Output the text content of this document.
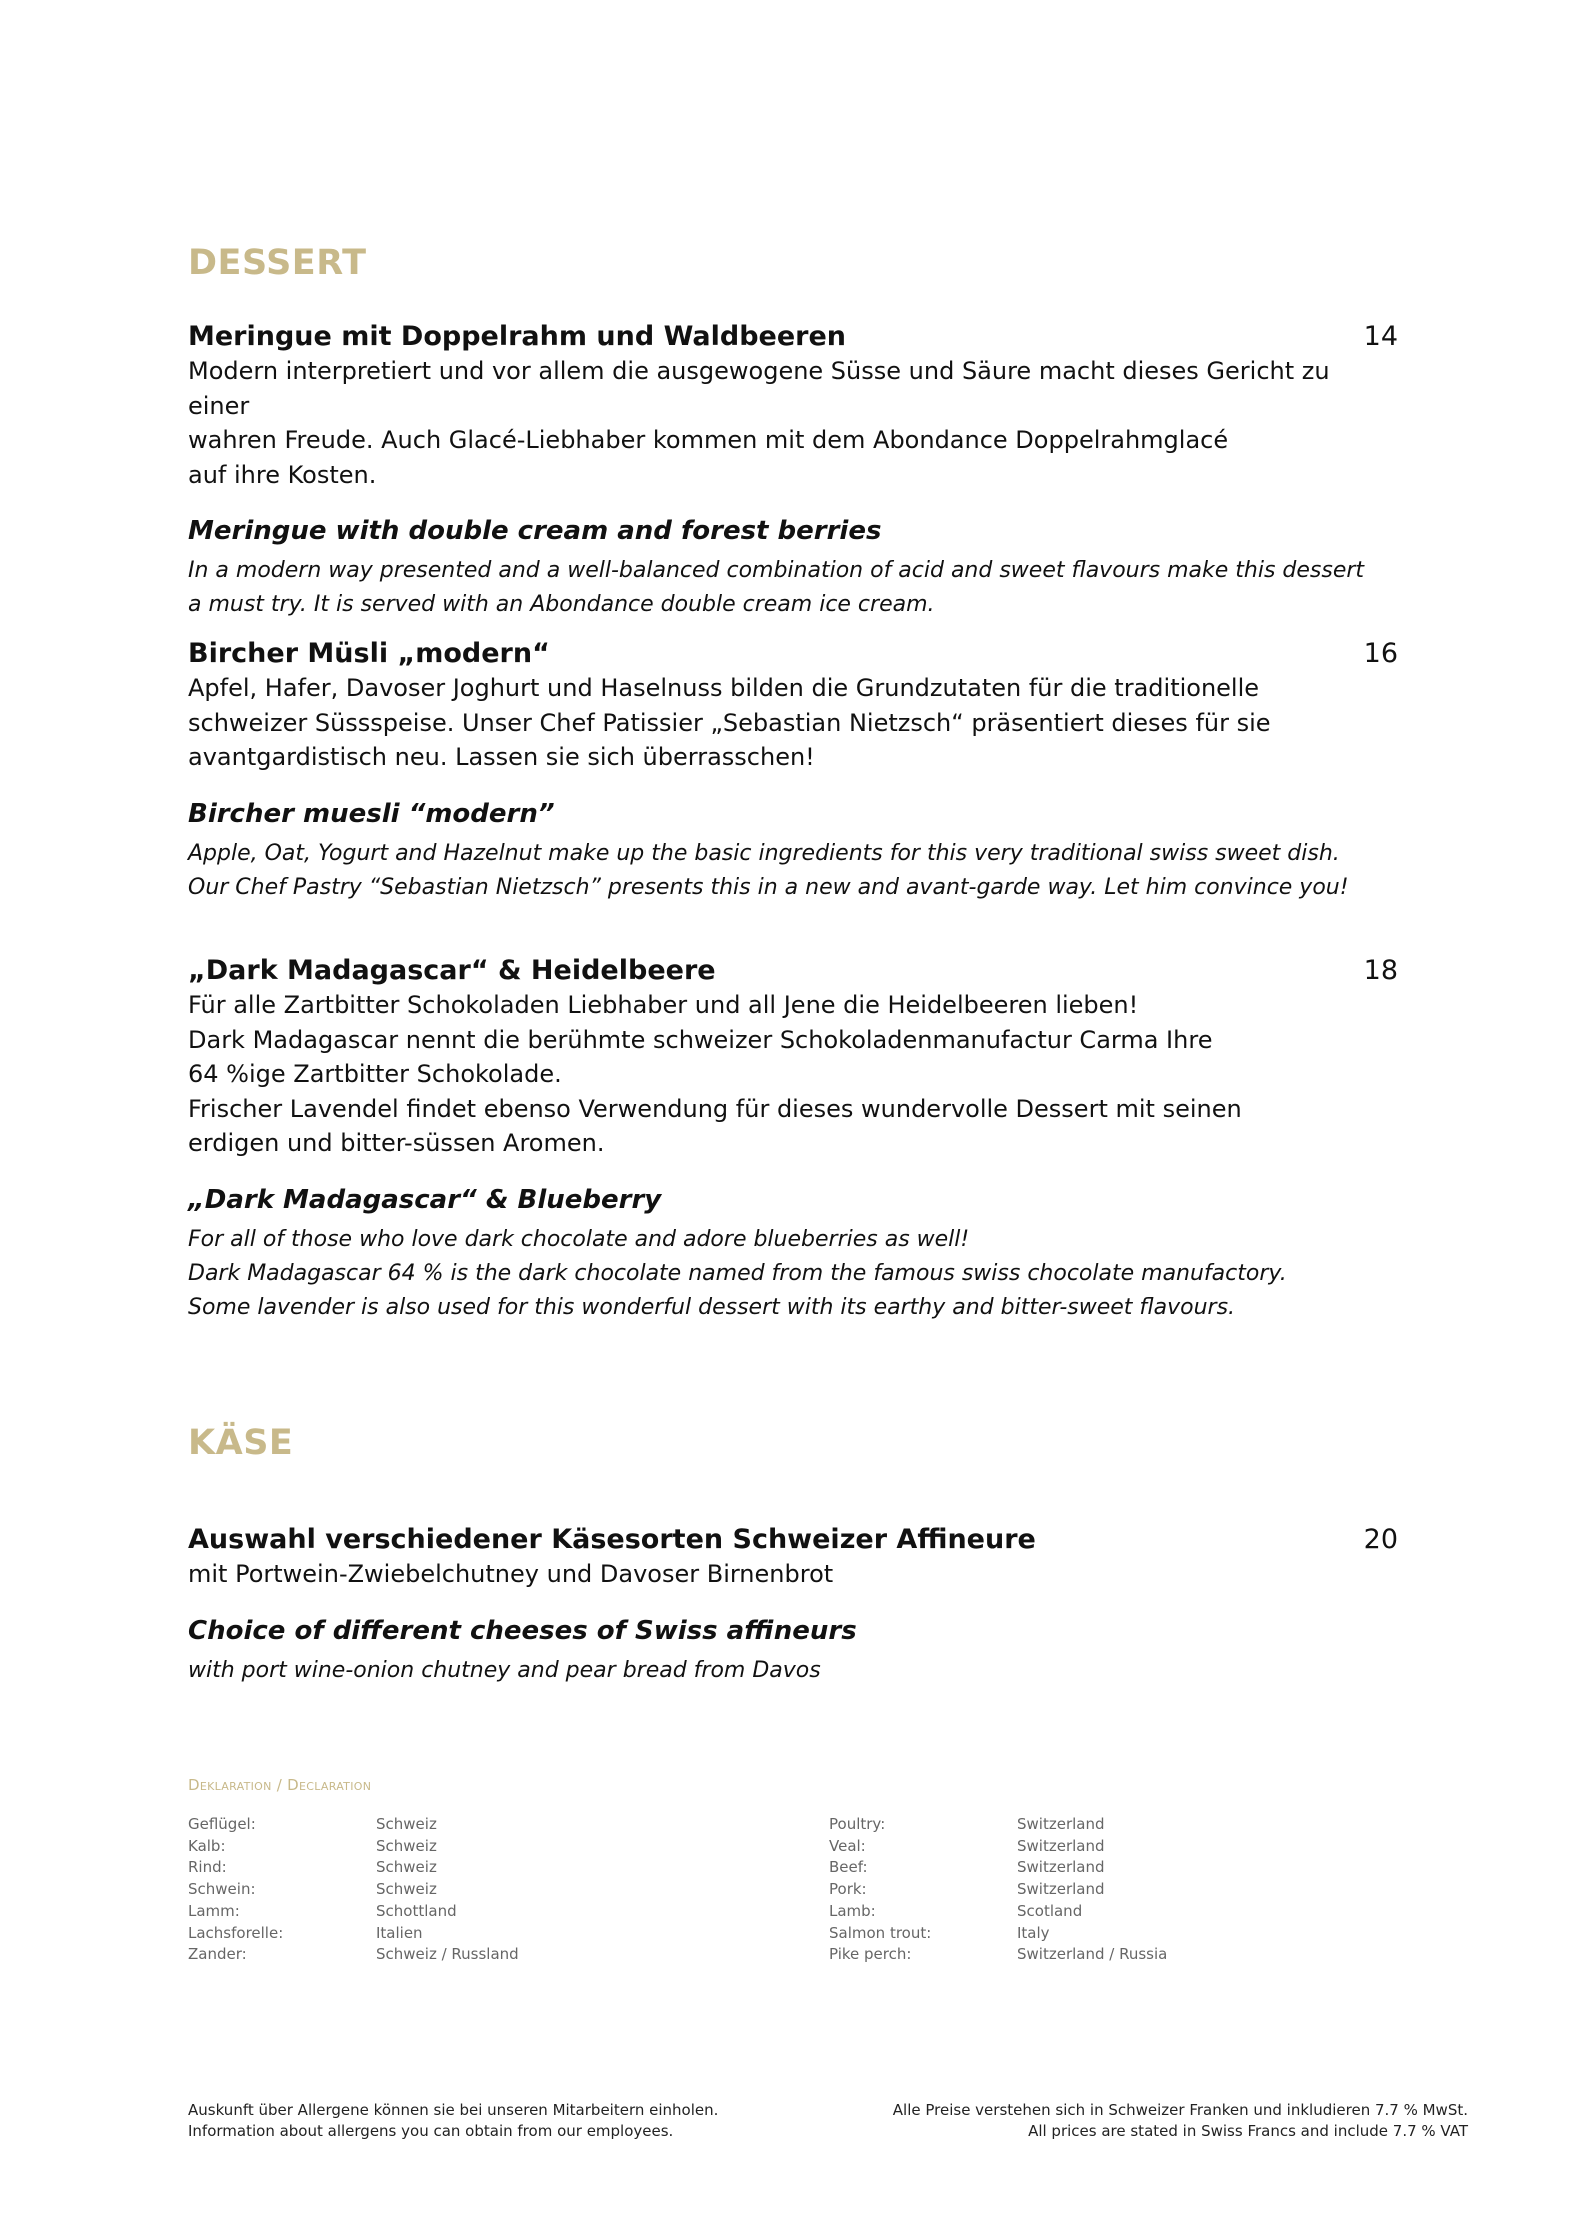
DESSERT
Meringue mit Doppelrahm und Waldbeeren	14

Modern interpretiert und vor allem die ausgewogene Süsse und Säure macht dieses Gericht zu einer
wahren Freude. Auch Glacé-Liebhaber kommen mit dem Abondance Doppelrahmglacé
auf ihre Kosten.

Meringue with double cream and forest berries

In a modern way presented and a well-balanced combination of acid and sweet flavours make this dessert
a must try. It is served with an Abondance double cream ice cream.

Bircher Müsli „modern“	16

Apfel, Hafer, Davoser Joghurt und Haselnuss bilden die Grundzutaten für die traditionelle
schweizer Süssspeise. Unser Chef Patissier „Sebastian Nietzsch“ präsentiert dieses für sie
avantgardistisch neu. Lassen sie sich überrasschen!

Bircher muesli “modern”

Apple, Oat, Yogurt and Hazelnut make up the basic ingredients for this very traditional swiss sweet dish.
Our Chef Pastry “Sebastian Nietzsch” presents this in a new and avant-garde way. Let him convince you!

„Dark Madagascar“ & Heidelbeere	18

Für alle Zartbitter Schokoladen Liebhaber und all Jene die Heidelbeeren lieben!
Dark Madagascar nennt die berühmte schweizer Schokoladenmanufactur Carma Ihre
64 %ige Zartbitter Schokolade.
Frischer Lavendel findet ebenso Verwendung für dieses wundervolle Dessert mit seinen
erdigen und bitter-süssen Aromen.

„Dark Madagascar“ & Blueberry

For all of those who love dark chocolate and adore blueberries as well!
Dark Madagascar 64 % is the dark chocolate named from the famous swiss chocolate manufactory.
Some lavender is also used for this wonderful dessert with its earthy and bitter-sweet flavours.

KÄSE
Auswahl verschiedener Käsesorten Schweizer Affineure	20

mit Portwein-Zwiebelchutney und Davoser Birnenbrot

Choice of different cheeses of Swiss affineurs

with port wine-onion chutney and pear bread from Davos

Deklaration / Declaration
Geflügel:	Schweiz
Kalb:	Schweiz
Rind:	Schweiz
Schwein:	Schweiz
Lamm:	Schottland
Lachsforelle:	Italien
Zander:	Schweiz / Russland
Poultry:	Switzerland
Veal:	Switzerland
Beef:	Switzerland
Pork:	Switzerland
Lamb:	Scotland
Salmon trout:	Italy
Pike perch:	Switzerland / Russia
Auskunft über Allergene können sie bei unseren Mitarbeitern einholen.
Information about allergens you can obtain from our employees.
Alle Preise verstehen sich in Schweizer Franken und inkludieren 7.7 % MwSt.
All prices are stated in Swiss Francs and include 7.7 % VAT
